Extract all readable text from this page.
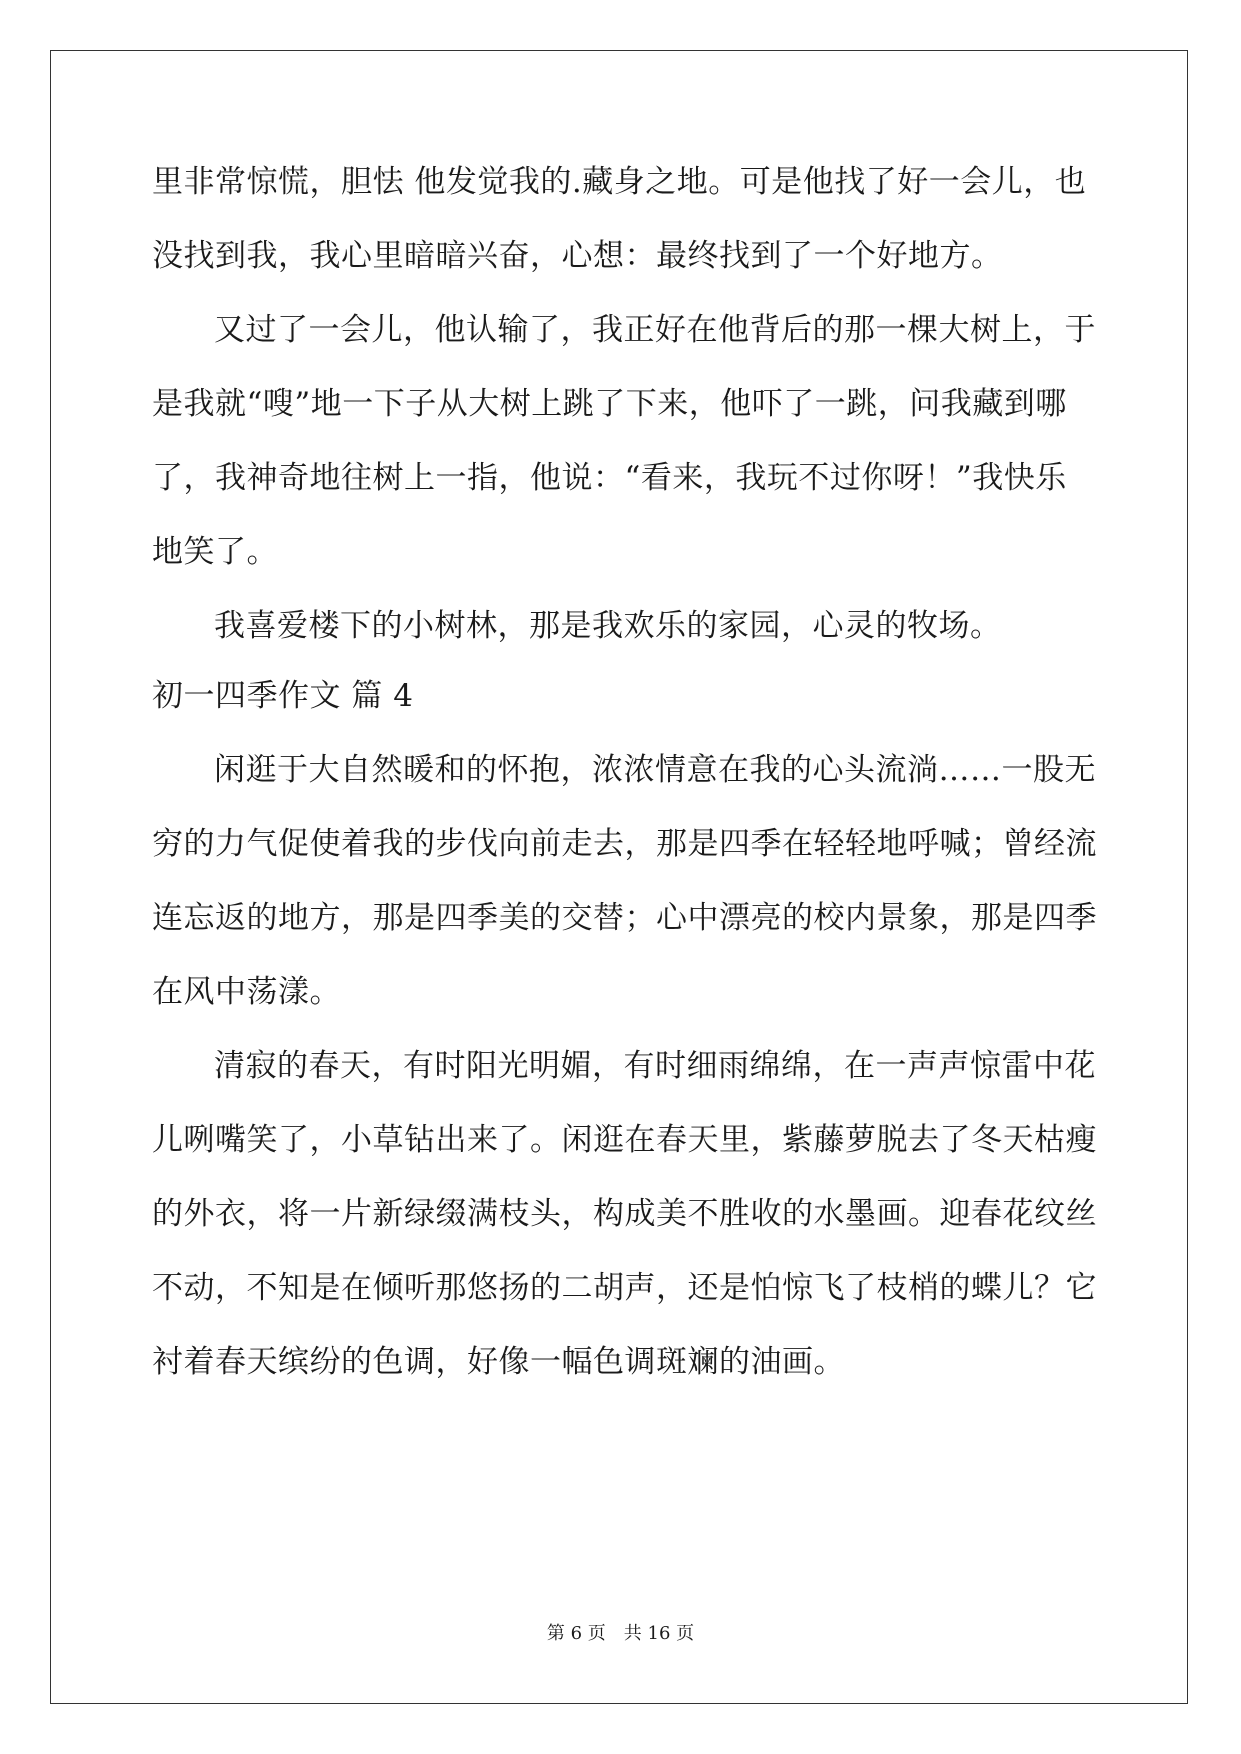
里非常惊慌，胆怯 他发觉我的.藏身之地。可是他找了好一会儿，也
没找到我，我心里暗暗兴奋，心想：最终找到了一个好地方。
又过了一会儿，他认输了，我正好在他背后的那一棵大树上，于
是我就“嗖”地一下子从大树上跳了下来，他吓了一跳，问我藏到哪
了，我神奇地往树上一指，他说：“看来，我玩不过你呀！”我快乐
地笑了。
我喜爱楼下的小树林，那是我欢乐的家园，心灵的牧场。
初一四季作文 篇 4
闲逛于大自然暖和的怀抱，浓浓情意在我的心头流淌……一股无
穷的力气促使着我的步伐向前走去，那是四季在轻轻地呼喊；曾经流
连忘返的地方，那是四季美的交替；心中漂亮的校内景象，那是四季
在风中荡漾。
清寂的春天，有时阳光明媚，有时细雨绵绵，在一声声惊雷中花
儿咧嘴笑了，小草钻出来了。闲逛在春天里，紫藤萝脱去了冬天枯瘦
的外衣，将一片新绿缀满枝头，构成美不胜收的水墨画。迎春花纹丝
不动，不知是在倾听那悠扬的二胡声，还是怕惊飞了枝梢的蝶儿？它
衬着春天缤纷的色调，好像一幅色调斑斓的油画。
第 6 页 共 16 页
